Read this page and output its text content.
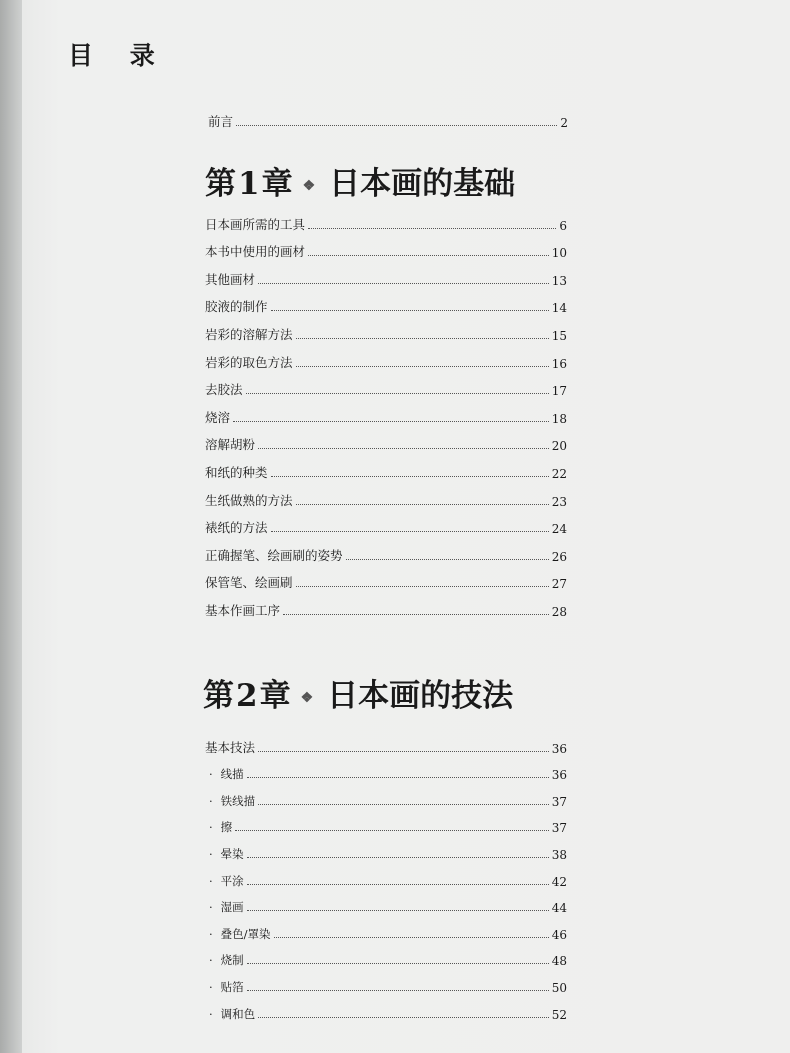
目 录
前言	2
第1章 ❖ 日本画的基础
日本画所需的工具	6
本书中使用的画材	10
其他画材	13
胶液的制作	14
岩彩的溶解方法	15
岩彩的取色方法	16
去胶法	17
烧溶	18
溶解胡粉	20
和纸的种类	22
生纸做熟的方法	23
裱纸的方法	24
正确握笔、绘画刷的姿势	26
保管笔、绘画刷	27
基本作画工序	28
第2章 ❖ 日本画的技法
基本技法	36
· 线描	36
· 铁线描	37
· 擦	37
· 晕染	38
· 平涂	42
· 湿画	44
· 叠色/罩染	46
· 烧制	48
· 贴箔	50
· 调和色	52
